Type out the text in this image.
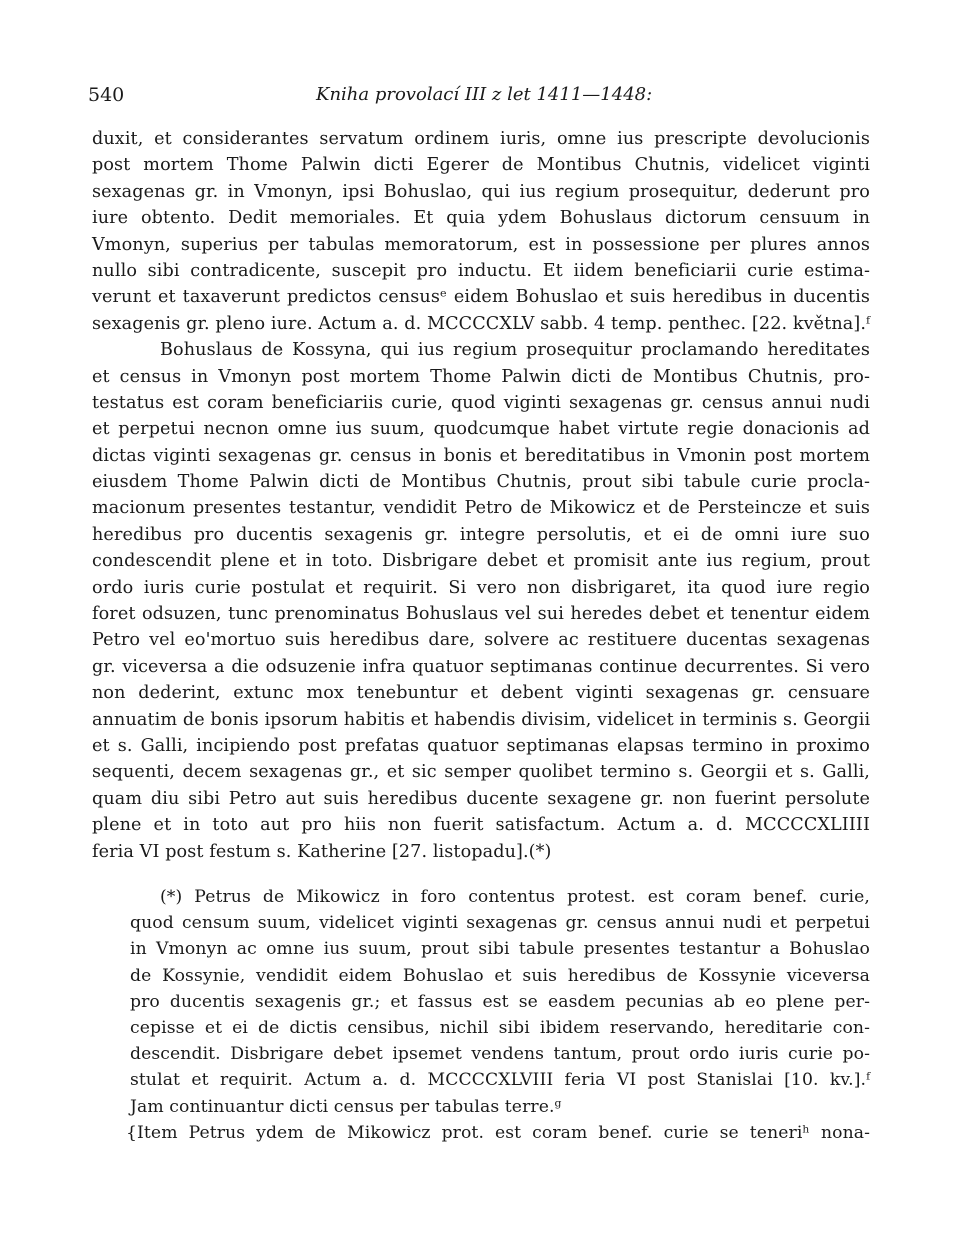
540	Kniha provolací III z let 1411—1448:
duxit, et considerantes servatum ordinem iuris, omne ius prescripte devolucionis
post mortem Thome Palwin dicti Egerer de Montibus Chutnis, videlicet viginti
sexagenas gr. in Vmonyn, ipsi Bohuslao, qui ius regium prosequitur, dederunt pro
iure obtento. Dedit memoriales. Et quia ydem Bohuslaus dictorum censuum in
Vmonyn, superius per tabulas memoratorum, est in possessione per plures annos
nullo sibi contradicente, suscepit pro inductu. Et iidem beneficiarii curie estima-
verunt et taxaverunt predictos censusᵉ eidem Bohuslao et suis heredibus in ducentis
sexagenis gr. pleno iure. Actum a. d. MCCCCXLV sabb. 4 temp. penthec. [22. května].ᶠ
Bohuslaus de Kossyna, qui ius regium prosequitur proclamando hereditates
et census in Vmonyn post mortem Thome Palwin dicti de Montibus Chutnis, pro-
testatus est coram beneficiariis curie, quod viginti sexagenas gr. census annui nudi
et perpetui necnon omne ius suum, quodcumque habet virtute regie donacionis ad
dictas viginti sexagenas gr. census in bonis et bereditatibus in Vmonin post mortem
eiusdem Thome Palwin dicti de Montibus Chutnis, prout sibi tabule curie procla-
macionum presentes testantur, vendidit Petro de Mikowicz et de Persteincze et suis
heredibus pro ducentis sexagenis gr. integre persolutis, et ei de omni iure suo
condescendit plene et in toto. Disbrigare debet et promisit ante ius regium, prout
ordo iuris curie postulat et requirit. Si vero non disbrigaret, ita quod iure regio
foret odsuzen, tunc prenominatus Bohuslaus vel sui heredes debet et tenentur eidem
Petro vel eo'mortuo suis heredibus dare, solvere ac restituere ducentas sexagenas
gr. viceversa a die odsuzenie infra quatuor septimanas continue decurrentes. Si vero
non dederint, extunc mox tenebuntur et debent viginti sexagenas gr. censuare
annuatim de bonis ipsorum habitis et habendis divisim, videlicet in terminis s. Georgii
et s. Galli, incipiendo post prefatas quatuor septimanas elapsas termino in proximo
sequenti, decem sexagenas gr., et sic semper quolibet termino s. Georgii et s. Galli,
quam diu sibi Petro aut suis heredibus ducente sexagene gr. non fuerint persolute
plene et in toto aut pro hiis non fuerit satisfactum. Actum a. d. MCCCCXLIIII
feria VI post festum s. Katherine [27. listopadu].(*)
(*) Petrus de Mikowicz in foro contentus protest. est coram benef. curie,
quod censum suum, videlicet viginti sexagenas gr. census annui nudi et perpetui
in Vmonyn ac omne ius suum, prout sibi tabule presentes testantur a Bohuslao
de Kossynie, vendidit eidem Bohuslao et suis heredibus de Kossynie viceversa
pro ducentis sexagenis gr.; et fassus est se easdem pecunias ab eo plene per-
cepisse et ei de dictis censibus, nichil sibi ibidem reservando, hereditarie con-
descendit. Disbrigare debet ipsemet vendens tantum, prout ordo iuris curie po-
stulat et requirit. Actum a. d. MCCCCXLVIII feria VI post Stanislai [10. kv.].ᶠ
Jam continuantur dicti census per tabulas terre.ᵍ
{Item Petrus ydem de Mikowicz prot. est coram benef. curie se teneriʰ nona-
